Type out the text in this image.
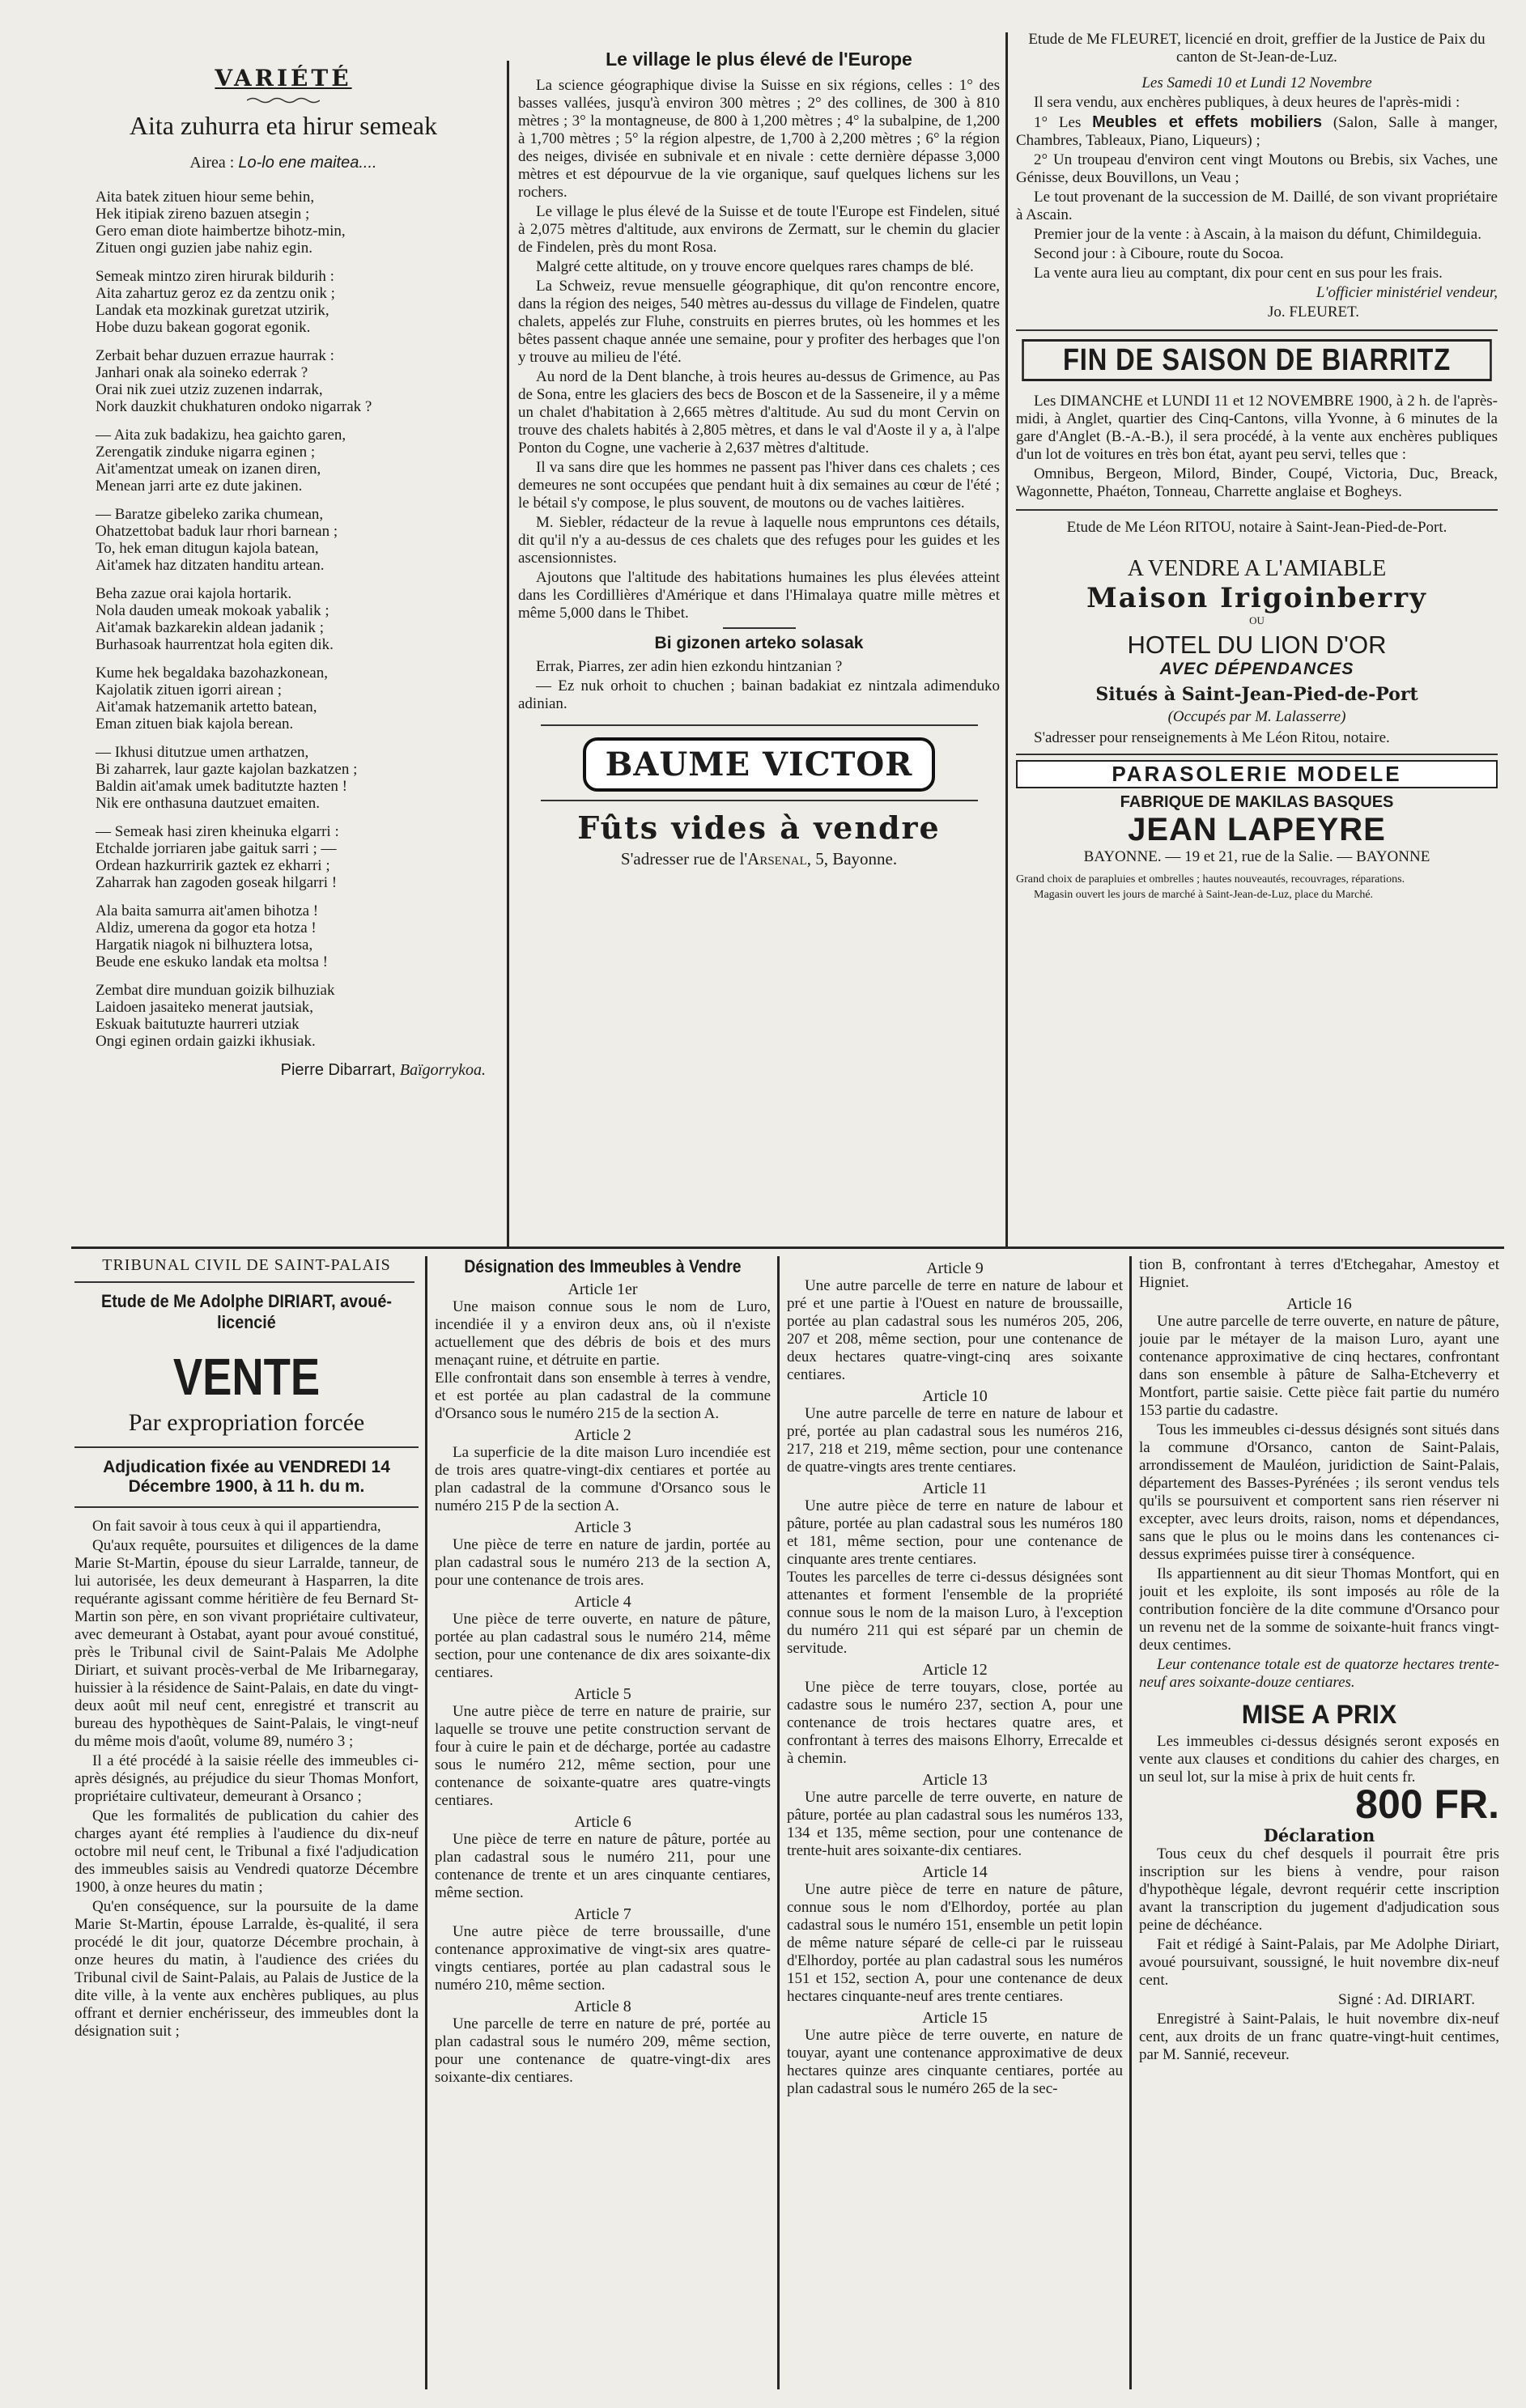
VARIÉTÉ
Aita zuhurra eta hirur semeak
Airea : Lo-lo ene maitea....

Aita batek zituen hiour seme behin,

Hek itipiak zireno bazuen atsegin ;

Gero eman diote haimbertze bihotz-min,

Zituen ongi guzien jabe nahiz egin.

Semeak mintzo ziren hirurak bildurih :

Aita zahartuz geroz ez da zentzu onik ;

Landak eta mozkinak guretzat utzirik,

Hobe duzu bakean gogorat egonik.

Zerbait behar duzuen errazue haurrak :

Janhari onak ala soineko ederrak ?

Orai nik zuei utziz zuzenen indarrak,

Nork dauzkit chukhaturen ondoko nigarrak ?

— Aita zuk badakizu, hea gaichto garen,

Zerengatik zinduke nigarra eginen ;

Ait'amentzat umeak on izanen diren,

Menean jarri arte ez dute jakinen.

— Baratze gibeleko zarika chumean,

Ohatzettobat baduk laur rhori barnean ;

To, hek eman ditugun kajola batean,

Ait'amek haz ditzaten handitu artean.

Beha zazue orai kajola hortarik.

Nola dauden umeak mokoak yabalik ;

Ait'amak bazkarekin aldean jadanik ;

Burhasoak haurrentzat hola egiten dik.

Kume hek begaldaka bazohazkonean,

Kajolatik zituen igorri airean ;

Ait'amak hatzemanik artetto batean,

Eman zituen biak kajola berean.

— Ikhusi ditutzue umen arthatzen,

Bi zaharrek, laur gazte kajolan bazkatzen ;

Baldin ait'amak umek baditutzte hazten !

Nik ere onthasuna dautzuet emaiten.

— Semeak hasi ziren kheinuka elgarri :

Etchalde jorriaren jabe gaituk sarri ; —

Ordean hazkurririk gaztek ez ekharri ;

Zaharrak han zagoden goseak hilgarri !

Ala baita samurra ait'amen bihotza !

Aldiz, umerena da gogor eta hotza !

Hargatik niagok ni bilhuztera lotsa,

Beude ene eskuko landak eta moltsa !

Zembat dire munduan goizik bilhuziak

Laidoen jasaiteko menerat jautsiak,

Eskuak baitutuzte haurreri utziak

Ongi eginen ordain gaizki ikhusiak.

Pierre Dibarrart, Baïgorrykoa.
Le village le plus élevé de l'Europe

La science géographique divise la Suisse en six régions, celles : 1° des basses vallées, jusqu'à environ 300 mètres ; 2° des collines, de 300 à 810 mètres ; 3° la montagneuse, de 800 à 1,200 mètres ; 4° la subalpine, de 1,200 à 1,700 mètres ; 5° la région alpestre, de 1,700 à 2,200 mètres ; 6° la région des neiges, divisée en subnivale et en nivale : cette dernière dépasse 3,000 mètres et est dépourvue de la vie organique, sauf quelques lichens sur les rochers.

Le village le plus élevé de la Suisse et de toute l'Europe est Findelen, situé à 2,075 mètres d'altitude, aux environs de Zermatt, sur le chemin du glacier de Findelen, près du mont Rosa.

Malgré cette altitude, on y trouve encore quelques rares champs de blé.

La Schweiz, revue mensuelle géographique, dit qu'on rencontre encore, dans la région des neiges, 540 mètres au-dessus du village de Findelen, quatre chalets, appelés zur Fluhe, construits en pierres brutes, où les hommes et les bêtes passent chaque année une semaine, pour y profiter des herbages que l'on y trouve au milieu de l'été.

Au nord de la Dent blanche, à trois heures au-dessus de Grimence, au Pas de Sona, entre les glaciers des becs de Boscon et de la Sasseneire, il y a même un chalet d'habitation à 2,665 mètres d'altitude. Au sud du mont Cervin on trouve des chalets habités à 2,805 mètres, et dans le val d'Aoste il y a, à l'alpe Ponton du Cogne, une vacherie à 2,637 mètres d'altitude.

Il va sans dire que les hommes ne passent pas l'hiver dans ces chalets ; ces demeures ne sont occupées que pendant huit à dix semaines au cœur de l'été ; le bétail s'y compose, le plus souvent, de moutons ou de vaches laitières.

M. Siebler, rédacteur de la revue à laquelle nous empruntons ces détails, dit qu'il n'y a au-dessus de ces chalets que des refuges pour les guides et les ascensionnistes.

Ajoutons que l'altitude des habitations humaines les plus élevées atteint dans les Cordillières d'Amérique et dans l'Himalaya quatre mille mètres et même 5,000 dans le Thibet.

Bi gizonen arteko solasak

Errak, Piarres, zer adin hien ezkondu hintzanian ?

— Ez nuk orhoit to chuchen ; bainan badakiat ez nintzala adimenduko adinian.

BAUME VICTOR
Fûts vides à vendre
S'adresser rue de l'Arsenal, 5, Bayonne.

Etude de Me FLEURET, licencié en droit, greffier de la Justice de Paix du canton de St-Jean-de-Luz.

Les Samedi 10 et Lundi 12 Novembre

Il sera vendu, aux enchères publiques, à deux heures de l'après-midi :

1° Les Meubles et effets mobiliers (Salon, Salle à manger, Chambres, Tableaux, Piano, Liqueurs) ;

2° Un troupeau d'environ cent vingt Moutons ou Brebis, six Vaches, une Génisse, deux Bouvillons, un Veau ;

Le tout provenant de la succession de M. Daillé, de son vivant propriétaire à Ascain.

Premier jour de la vente : à Ascain, à la maison du défunt, Chimildeguia.

Second jour : à Ciboure, route du Socoa.

La vente aura lieu au comptant, dix pour cent en sus pour les frais.

L'officier ministériel vendeur,

Jo. FLEURET.

FIN DE SAISON DE BIARRITZ

Les DIMANCHE et LUNDI 11 et 12 NOVEMBRE 1900, à 2 h. de l'après-midi, à Anglet, quartier des Cinq-Cantons, villa Yvonne, à 6 minutes de la gare d'Anglet (B.-A.-B.), il sera procédé, à la vente aux enchères publiques d'un lot de voitures en très bon état, ayant peu servi, telles que :

Omnibus, Bergeon, Milord, Binder, Coupé, Victoria, Duc, Breack, Wagonnette, Phaéton, Tonneau, Charrette anglaise et Bogheys.

Etude de Me Léon RITOU, notaire à Saint-Jean-Pied-de-Port.

A VENDRE A L'AMIABLE
Maison Irigoinberry
OU
HOTEL DU LION D'OR
AVEC DÉPENDANCES
Situés à Saint-Jean-Pied-de-Port
(Occupés par M. Lalasserre)

S'adresser pour renseignements à Me Léon Ritou, notaire.

PARASOLERIE MODELE
FABRIQUE DE MAKILAS BASQUES
JEAN LAPEYRE
BAYONNE. — 19 et 21, rue de la Salie. — BAYONNE

Grand choix de parapluies et ombrelles ; hautes nouveautés, recouvrages, réparations.

Magasin ouvert les jours de marché à Saint-Jean-de-Luz, place du Marché.

TRIBUNAL CIVIL DE SAINT-PALAIS
Etude de Me Adolphe DIRIART, avoué-licencié
VENTE
Par expropriation forcée
Adjudication fixée au VENDREDI 14 Décembre 1900, à 11 h. du m.

On fait savoir à tous ceux à qui il appartiendra,

Qu'aux requête, poursuites et diligences de la dame Marie St-Martin, épouse du sieur Larralde, tanneur, de lui autorisée, les deux demeurant à Hasparren, la dite requérante agissant comme héritière de feu Bernard St-Martin son père, en son vivant propriétaire cultivateur, avec demeurant à Ostabat, ayant pour avoué constitué, près le Tribunal civil de Saint-Palais Me Adolphe Diriart, et suivant procès-verbal de Me Iribarnegaray, huissier à la résidence de Saint-Palais, en date du vingt-deux août mil neuf cent, enregistré et transcrit au bureau des hypothèques de Saint-Palais, le vingt-neuf du même mois d'août, volume 89, numéro 3 ;

Il a été procédé à la saisie réelle des immeubles ci-après désignés, au préjudice du sieur Thomas Monfort, propriétaire cultivateur, demeurant à Orsanco ;

Que les formalités de publication du cahier des charges ayant été remplies à l'audience du dix-neuf octobre mil neuf cent, le Tribunal a fixé l'adjudication des immeubles saisis au Vendredi quatorze Décembre 1900, à onze heures du matin ;

Qu'en conséquence, sur la poursuite de la dame Marie St-Martin, épouse Larralde, ès-qualité, il sera procédé le dit jour, quatorze Décembre prochain, à onze heures du matin, à l'audience des criées du Tribunal civil de Saint-Palais, au Palais de Justice de la dite ville, à la vente aux enchères publiques, au plus offrant et dernier enchérisseur, des immeubles dont la désignation suit ;

Désignation des Immeubles à Vendre
Article 1er

Une maison connue sous le nom de Luro, incendiée il y a environ deux ans, où il n'existe actuellement que des débris de bois et des murs menaçant ruine, et détruite en partie.
Elle confrontait dans son ensemble à terres à vendre, et est portée au plan cadastral de la commune d'Orsanco sous le numéro 215 de la section A.

Article 2

La superficie de la dite maison Luro incendiée est de trois ares quatre-vingt-dix centiares et portée au plan cadastral de la commune d'Orsanco sous le numéro 215 P de la section A.

Article 3

Une pièce de terre en nature de jardin, portée au plan cadastral sous le numéro 213 de la section A, pour une contenance de trois ares.

Article 4

Une pièce de terre ouverte, en nature de pâture, portée au plan cadastral sous le numéro 214, même section, pour une contenance de dix ares soixante-dix centiares.

Article 5

Une autre pièce de terre en nature de prairie, sur laquelle se trouve une petite construction servant de four à cuire le pain et de décharge, portée au cadastre sous le numéro 212, même section, pour une contenance de soixante-quatre ares quatre-vingts centiares.

Article 6

Une pièce de terre en nature de pâture, portée au plan cadastral sous le numéro 211, pour une contenance de trente et un ares cinquante centiares, même section.

Article 7

Une autre pièce de terre broussaille, d'une contenance approximative de vingt-six ares quatre-vingts centiares, portée au plan cadastral sous le numéro 210, même section.

Article 8

Une parcelle de terre en nature de pré, portée au plan cadastral sous le numéro 209, même section, pour une contenance de quatre-vingt-dix ares soixante-dix centiares.

Article 9

Une autre parcelle de terre en nature de labour et pré et une partie à l'Ouest en nature de broussaille, portée au plan cadastral sous les numéros 205, 206, 207 et 208, même section, pour une contenance de deux hectares quatre-vingt-cinq ares soixante centiares.

Article 10

Une autre parcelle de terre en nature de labour et pré, portée au plan cadastral sous les numéros 216, 217, 218 et 219, même section, pour une contenance de quatre-vingts ares trente centiares.

Article 11

Une autre pièce de terre en nature de labour et pâture, portée au plan cadastral sous les numéros 180 et 181, même section, pour une contenance de cinquante ares trente centiares.
Toutes les parcelles de terre ci-dessus désignées sont attenantes et forment l'ensemble de la propriété connue sous le nom de la maison Luro, à l'exception du numéro 211 qui est séparé par un chemin de servitude.

Article 12

Une pièce de terre touyars, close, portée au cadastre sous le numéro 237, section A, pour une contenance de trois hectares quatre ares, et confrontant à terres des maisons Elhorry, Errecalde et à chemin.

Article 13

Une autre parcelle de terre ouverte, en nature de pâture, portée au plan cadastral sous les numéros 133, 134 et 135, même section, pour une contenance de trente-huit ares soixante-dix centiares.

Article 14

Une autre pièce de terre en nature de pâture, connue sous le nom d'Elhordoy, portée au plan cadastral sous le numéro 151, ensemble un petit lopin de même nature séparé de celle-ci par le ruisseau d'Elhordoy, portée au plan cadastral sous les numéros 151 et 152, section A, pour une contenance de deux hectares cinquante-neuf ares trente centiares.

Article 15

Une autre pièce de terre ouverte, en nature de touyar, ayant une contenance approximative de deux hectares quinze ares cinquante centiares, portée au plan cadastral sous le numéro 265 de la sec-

tion B, confrontant à terres d'Etchegahar, Amestoy et Higniet.

Article 16

Une autre parcelle de terre ouverte, en nature de pâture, jouie par le métayer de la maison Luro, ayant une contenance approximative de cinq hectares, confrontant dans son ensemble à pâture de Salha-Etcheverry et Montfort, partie saisie. Cette pièce fait partie du numéro 153 partie du cadastre.

Tous les immeubles ci-dessus désignés sont situés dans la commune d'Orsanco, canton de Saint-Palais, arrondissement de Mauléon, juridiction de Saint-Palais, département des Basses-Pyrénées ; ils seront vendus tels qu'ils se poursuivent et comportent sans rien réserver ni excepter, avec leurs droits, raison, noms et dépendances, sans que le plus ou le moins dans les contenances ci-dessus exprimées puisse tirer à conséquence.

Ils appartiennent au dit sieur Thomas Montfort, qui en jouit et les exploite, ils sont imposés au rôle de la contribution foncière de la dite commune d'Orsanco pour un revenu net de la somme de soixante-huit francs vingt-deux centimes.

Leur contenance totale est de quatorze hectares trente-neuf ares soixante-douze centiares.

MISE A PRIX

Les immeubles ci-dessus désignés seront exposés en vente aux clauses et conditions du cahier des charges, en un seul lot, sur la mise à prix de huit cents fr.

800 FR.
Déclaration

Tous ceux du chef desquels il pourrait être pris inscription sur les biens à vendre, pour raison d'hypothèque légale, devront requérir cette inscription avant la transcription du jugement d'adjudication sous peine de déchéance.

Fait et rédigé à Saint-Palais, par Me Adolphe Diriart, avoué poursuivant, soussigné, le huit novembre dix-neuf cent.

Signé : Ad. DIRIART.

Enregistré à Saint-Palais, le huit novembre dix-neuf cent, aux droits de un franc quatre-vingt-huit centimes, par M. Sannié, receveur.
